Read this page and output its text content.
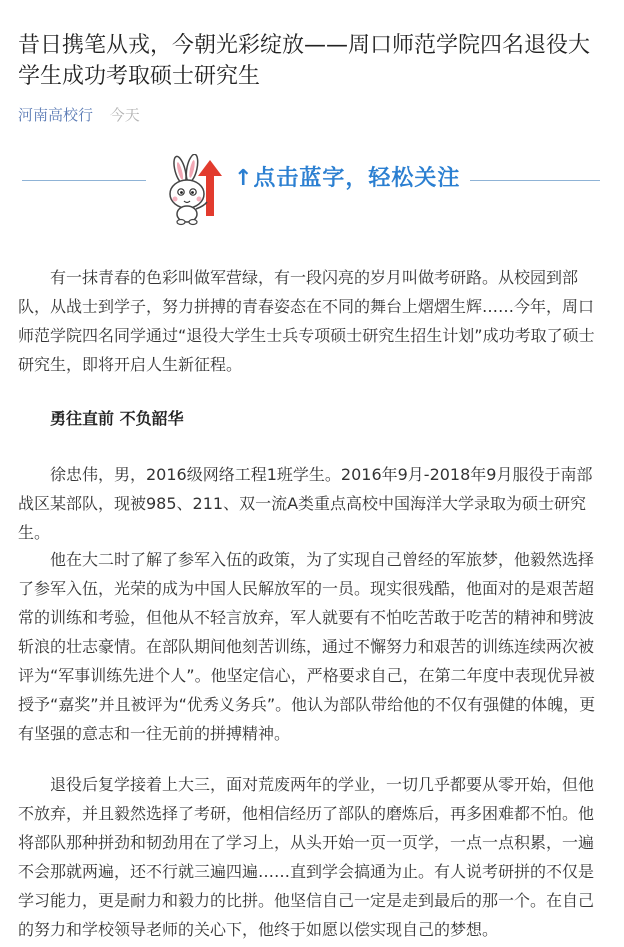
昔日携笔从戎，今朝光彩绽放——周口师范学院四名退役大学生成功考取硕士研究生
河南高校行 今天
↑点击蓝字，轻松关注

有一抹青春的色彩叫做军营绿，有一段闪亮的岁月叫做考研路。从校园到部队，从战士到学子，努力拼搏的青春姿态在不同的舞台上熠熠生辉……今年，周口师范学院四名同学通过“退役大学生士兵专项硕士研究生招生计划”成功考取了硕士研究生，即将开启人生新征程。

勇往直前 不负韶华

徐忠伟，男，2016级网络工程1班学生。2016年9月-2018年9月服役于南部战区某部队，现被985、211、双一流A类重点高校中国海洋大学录取为硕士研究生。

他在大二时了解了参军入伍的政策，为了实现自己曾经的军旅梦，他毅然选择了参军入伍，光荣的成为中国人民解放军的一员。现实很残酷，他面对的是艰苦超常的训练和考验，但他从不轻言放弃，军人就要有不怕吃苦敢于吃苦的精神和劈波斩浪的壮志豪情。在部队期间他刻苦训练，通过不懈努力和艰苦的训练连续两次被评为“军事训练先进个人”。他坚定信心，严格要求自己，在第二年度中表现优异被授予“嘉奖”并且被评为“优秀义务兵”。他认为部队带给他的不仅有强健的体魄，更有坚强的意志和一往无前的拼搏精神。

退役后复学接着上大三，面对荒废两年的学业，一切几乎都要从零开始，但他不放弃，并且毅然选择了考研，他相信经历了部队的磨炼后，再多困难都不怕。他将部队那种拼劲和韧劲用在了学习上，从头开始一页一页学，一点一点积累，一遍不会那就两遍，还不行就三遍四遍……直到学会搞通为止。有人说考研拼的不仅是学习能力，更是耐力和毅力的比拼。他坚信自己一定是走到最后的那一个。在自己的努力和学校领导老师的关心下，他终于如愿以偿实现自己的梦想。
